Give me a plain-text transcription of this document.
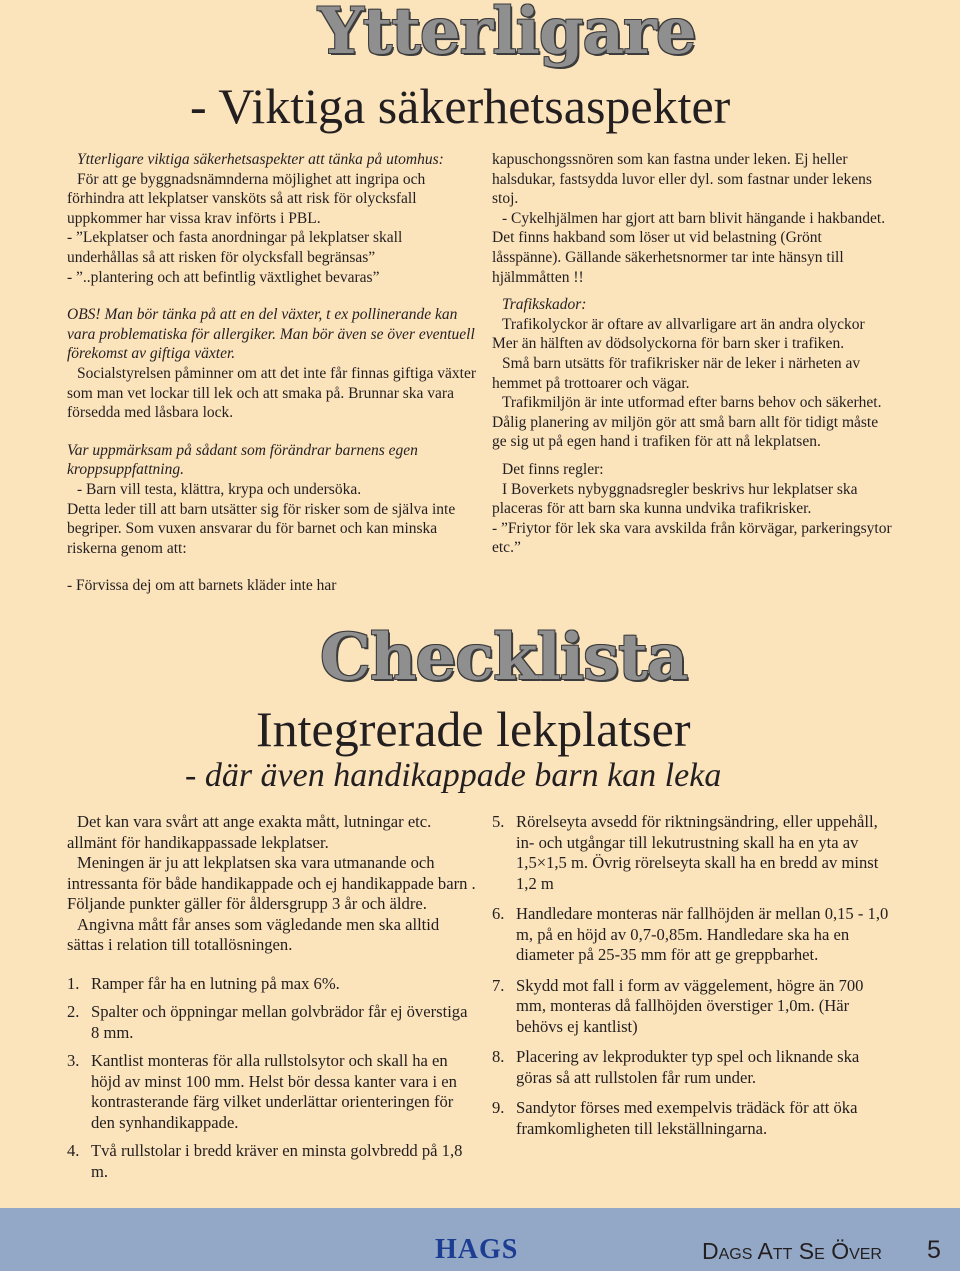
Ytterligare
- Viktiga säkerhetsaspekter

Ytterligare viktiga säkerhetsaspekter att tänka på utomhus:

För att ge byggnadsnämnderna möjlighet att ingripa och förhindra att lekplatser vansköts så att risk för olycksfall uppkommer har vissa krav införts i PBL.

- ”Lekplatser och fasta anordningar på lekplatser skall underhållas så att risken för olycksfall begränsas”

- ”..plantering och att befintlig växtlighet bevaras”

OBS! Man bör tänka på att en del växter, t ex pollinerande kan vara problematiska för allergiker. Man bör även se över eventuell förekomst av giftiga växter.

Socialstyrelsen påminner om att det inte får finnas giftiga växter som man vet lockar till lek och att smaka på. Brunnar ska vara försedda med låsbara lock.

Var uppmärksam på sådant som förändrar barnens egen kroppsuppfattning.

- Barn vill testa, klättra, krypa och undersöka.

Detta leder till att barn utsätter sig för risker som de själva inte begriper. Som vuxen ansvarar du för barnet och kan minska riskerna genom att:

- Förvissa dej om att barnets kläder inte har

kapuschongssnören som kan fastna under leken. Ej heller halsdukar, fastsydda luvor eller dyl. som fastnar under lekens stoj.

- Cykelhjälmen har gjort att barn blivit hängande i hakbandet. Det finns hakband som löser ut vid belastning (Grönt låsspänne). Gällande säkerhetsnormer tar inte hänsyn till hjälmmåtten !!

Trafikskador:

Trafikolyckor är oftare av allvarligare art än andra olyckor Mer än hälften av dödsolyckorna för barn sker i trafiken.

Små barn utsätts för trafikrisker när de leker i närheten av hemmet på trottoarer och vägar.

Trafikmiljön är inte utformad efter barns behov och säkerhet. Dålig planering av miljön gör att små barn allt för tidigt måste ge sig ut på egen hand i trafiken för att nå lekplatsen.

Det finns regler:

I Boverkets nybyggnadsregler beskrivs hur lekplatser ska placeras för att barn ska kunna undvika trafikrisker.

- ”Friytor för lek ska vara avskilda från körvägar, parkeringsytor etc.”

Checklista
Integrerade lekplatser
- där även handikappade barn kan leka

Det kan vara svårt att ange exakta mått, lutningar etc. allmänt för handikappassade lekplatser.

Meningen är ju att lekplatsen ska vara utmanande och intressanta för både handikappade och ej handikappade barn . Följande punkter gäller för åldersgrupp 3 år och äldre.

Angivna mått får anses som vägledande men ska alltid sättas i relation till totallösningen.

1. Ramper får ha en lutning på max 6%.
2. Spalter och öppningar mellan golvbrädor får ej överstiga 8 mm.
3. Kantlist monteras för alla rullstolsytor och skall ha en höjd av minst 100 mm. Helst bör dessa kanter vara i en kontrasterande färg vilket underlättar orienteringen för den synhandikappade.
4. Två rullstolar i bredd kräver en minsta golvbredd på 1,8 m.
5. Rörelseyta avsedd för riktningsändring, eller uppehåll, in- och utgångar till lekutrustning skall ha en yta av 1,5×1,5 m. Övrig rörelseyta skall ha en bredd av minst 1,2 m
6. Handledare monteras när fallhöjden är mellan 0,15 - 1,0 m, på en höjd av 0,7-0,85m. Handledare ska ha en diameter på 25-35 mm för att ge greppbarhet.
7. Skydd mot fall i form av väggelement, högre än 700 mm, monteras då fallhöjden överstiger 1,0m. (Här behövs ej kantlist)
8. Placering av lekprodukter typ spel och liknande ska göras så att rullstolen får rum under.
9. Sandytor förses med exempelvis trädäck för att öka framkomligheten till lekställningarna.
HAGS	Dags Att Se Över 5
